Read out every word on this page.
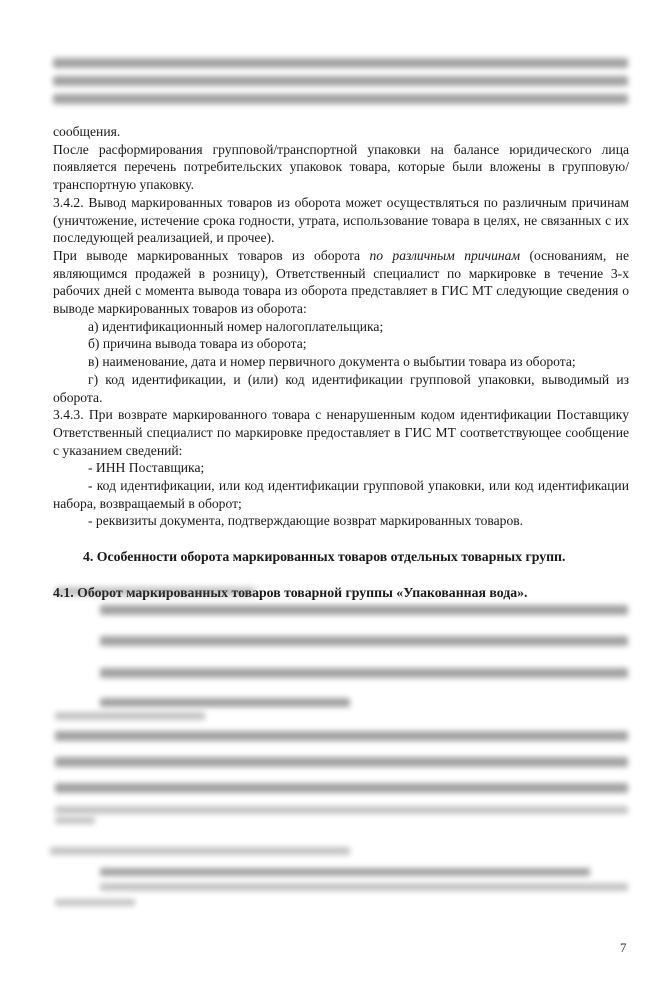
сообщения.
После расформирования групповой/транспортной упаковки на балансе юридического лица появляется перечень потребительских упаковок товара, которые были вложены в групповую/транспортную упаковку.
3.4.2. Вывод маркированных товаров из оборота может осуществляться по различным причинам (уничтожение, истечение срока годности, утрата, использование товара в целях, не связанных с их последующей реализацией, и прочее).
При выводе маркированных товаров из оборота по различным причинам (основаниям, не являющимся продажей в розницу), Ответственный специалист по маркировке в течение 3-х рабочих дней с момента вывода товара из оборота представляет в ГИС МТ следующие сведения о выводе маркированных товаров из оборота:
а) идентификационный номер налогоплательщика;
б) причина вывода товара из оборота;
в) наименование, дата и номер первичного документа о выбытии товара из оборота;
г) код идентификации, и (или) код идентификации групповой упаковки, выводимый из оборота.
3.4.3. При возврате маркированного товара с ненарушенным кодом идентификации Поставщику Ответственный специалист по маркировке предоставляет в ГИС МТ соответствующее сообщение с указанием сведений:
- ИНН Поставщика;
- код идентификации, или код идентификации групповой упаковки, или код идентификации набора, возвращаемый в оборот;
- реквизиты документа, подтверждающие возврат маркированных товаров.
4. Особенности оборота маркированных товаров отдельных товарных групп.
4.1. Оборот маркированных товаров товарной группы «Упакованная вода».
7
